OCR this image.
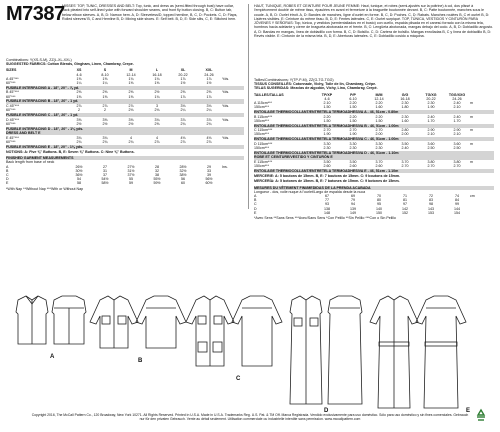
M7387
MISSES' TOP, TUNIC, DRESSES AND BELT: Top, tunic, and dress as (semi-fitted through bust) have collar, back pleated into self-lined yoke with forward shoulder seams, and front fly button closing. B, C: Button tab, below elbow sleeves. A, B, D: Narrow hem. A, D: Sleeveless/D, topped hemline, B, C, D: Pockets. C, D: Flaps, Rolled sleeves/ B, C and Hemline B, D: Mixing side shoes. E: Self belt. B, D, E: Side slits, C, E: Stitched hem.
HAUT, TUNIQUE, ROBES ET CEINTURE POUR JEUNE FEMME: Haut, tunique, et robes (semi-ajustés sur la poitrine) à col, dos plissé à l'empiècement doublé de même tissu, épaulées en avant et fermeture à la braguette boutonnée devant. B, C: Patte boutonnée, manches sous le coude. A, B, D: Ourlet étroit. A, D: Bandes de manches, ligne d'ourlet en forme. B, C, D: Poches. C, D: Rabats. Manches roulées B, C et ourlet B, D: Lisières visibles. E: Ceinture du même tissu. B, D, E: Fentes latérales. C, E: Ourlet surpiqué. TOP, TÚNICA, VESTIDOS Y CINTURÓN PARA JÓVENES Y SEÑORAS: Top, túnica, y vestidos (semientallados en el busto) con cuello, espalda plisada en el canesú forrado con la misma tela, hombros hacia adelante y cierre de bragueta abotonada en el frente. B, C: Lengüeta abotonada, mangas debajo del codo. A, B, D: Dobladillo angosto. A, D: Bandas en mangas, línea de dobladillo con forma. B, C, D: Bolsillo. C, D: Cartera de bolsillo. Mangas enrolladas B, C y línea de dobladillo B, D: Revés visible. E: Cinturón de la misma tela. B, D, E: Aberturas laterales. C, E: Dobladillo cosido a máquina.
Combinations: Y(XS-S-M), ZZ(L-XL-XXL)
SUGGESTED FABRICS: Cotton Blends, Gingham, Linen, Chambray, Crepe.
SIZES	XS	S	M	L	XL	XXL
4-6	8-10	12-14	16-18	20-22	24-26
A 45"***	1⅝	1⅝	1¾	1¾	1⅞	1⅞	Yds.
60"***	1¼	1¼	1⅜	1⅜	1½	1½
FUSIBLE INTERFACING A - 18", 20" - ⅞ yd.
B 45"***	2⅜	2⅜	2⅜	2½	2⅝	2⅝	Yds.
60"***	1⅝	1⅝	1⅝	1¾	1⅞	1⅞
FUSIBLE INTERFACING B - 18", 20" - 1 yd.
C 45"***	2⅞	2⅞	2⅞	3	3⅛	3⅛	Yds.
60"***	2	2	2⅛	2⅛	2¼	2¼
FUSIBLE INTERFACING C - 18", 20" - 1 yd.
D 45"***	3⅝	3⅝	3⅝	3¾	3⅞	3⅞	Yds.
60"***	2½	2½	2½	2⅝	2¾	2¾
FUSIBLE INTERFACING D - 18", 20" - 1⅛ yds.
DRESS AND BELT E
E 45"***	3¾	3¾	4	4	4⅛	4⅛	Yds.
60"***	2¾	2¾	2¾	2⅞	2⅞	2⅞
FUSIBLE INTERFACING E - 18", 20" - 1⅛ yds.
NOTIONS: A: Five ⅝" Buttons. B, E: Seven ⅝" Buttons. C: Nine ⅝" Buttons.
FINISHED GARMENT MEASUREMENTS
Back length from base of neck
A	26½	27	27½	28	28½	29	Ins.
B	30½	31	31½	32	32½	33
C	36½	37	37½	38	38½	39
D	54	54½	55	55½	56	56½
E	58	58½	59	59½	60	60½
*With Nap **Without Nap ***With or Without Nap
Tailles/Combinaisons: Y(TP-P-M), ZZ(G-TG-TGG)
TISSUS CONSEILLÉS: Cotonnade, Vichy, Toile de lin, Chambray, Crêpe.
TELAS SUGERIDAS: Mezclas de algodón, Vichy, Lino, Chambray, Crepé.
TAILLES/TALLAS	TP/XP	P/P	M/M	G/G	TG/XG	TGG/XXG
4-6	6-10	12-14	16-18	20-22	24-26
A 115cm***	2.10	2.20	2.20	2.30	2.30	2.40	m
150cm***	1.50	1.50	1.60	1.80	1.90	2.10
ENTOILAGE THERMOCOLLANT/ENTRETELA TERMOADHESIVA A - 46, 51cm - 0.80m
B 115cm***	2.20	2.20	2.20	2.30	2.40	2.40	m
150cm***	1.50	1.50	1.50	1.60	1.70	1.70
ENTOILAGE THERMOCOLLANT/ENTRETELA TERMOADHESIVA B - 46, 51cm - 1.00m
C 115cm***	2.70	2.70	2.70	2.80	2.90	2.90	m
150cm***	1.90	1.90	2.00	2.00	2.10	2.10
ENTOILAGE THERMOCOLLANT/ENTRETELA TERMOADHESIVA C - 46, 51cm - 1.00m
D 115cm***	3.30	3.30	3.30	3.50	3.60	3.60	m
150cm***	2.30	2.30	2.30	2.40	2.50	2.50
ENTOILAGE THERMOCOLLANT/ENTRETELA TERMOADHESIVA D - 46, 51cm - 1.10m
ROBE ET CEINTURE/VESTIDO Y CINTURÓN E
E 115cm***	3.50	3.50	3.70	3.70	3.80	3.80	m
150cm***	2.60	2.60	2.60	2.70	2.70	2.70
ENTOILAGE THERMOCOLLANT/ENTRETELA TERMOADHESIVA E - 46, 51cm - 1.10m
MERCERIE: A: 5 boutons de 15mm. B, E: 7 boutons de 15mm. C: 9 boutons de 15mm.
MERCERÍA: A: 5 botones de 15mm. B, E: 7 botones de 15mm. C: 9 botones de 15mm.
MESURES DU VÊTEMENT FINI/MEDIDAS DE LA PRENDA ACABADA
Longueur - dos, voile nuque à l'ourlet/Largo de espalda desde la nuca
A	67	69	70	71	72	74	cm
B	77	79	80	81	83	84
C	93	94	95	97	98	99
D	138	139	140	142	143	144
E	148	149	150	152	153	154
*Avec Sens **Sans Sens ***Avec/Sans Sens *Con Pelillo **Sin Pelillo ***Con o Sin Pelillo
A
B
C
D	E
Copyright 2016, The McCall Pattern Co., 120 Broadway, New York 10271. All Rights Reserved. Printed in U.S.A. Made in U.S.A. Trademarks Reg. U.S. Pat. & TM Off. Marca Registrada. Vendido exclusivamente para uso doméstico. Sólo para uso doméstico y sin fines comerciales. Gebrauch nur für den privaten Gebrauch. Vente au détail seulement. Utilisation commerciale ou industrielle interdite sans permission. www.mccallpattern.com
